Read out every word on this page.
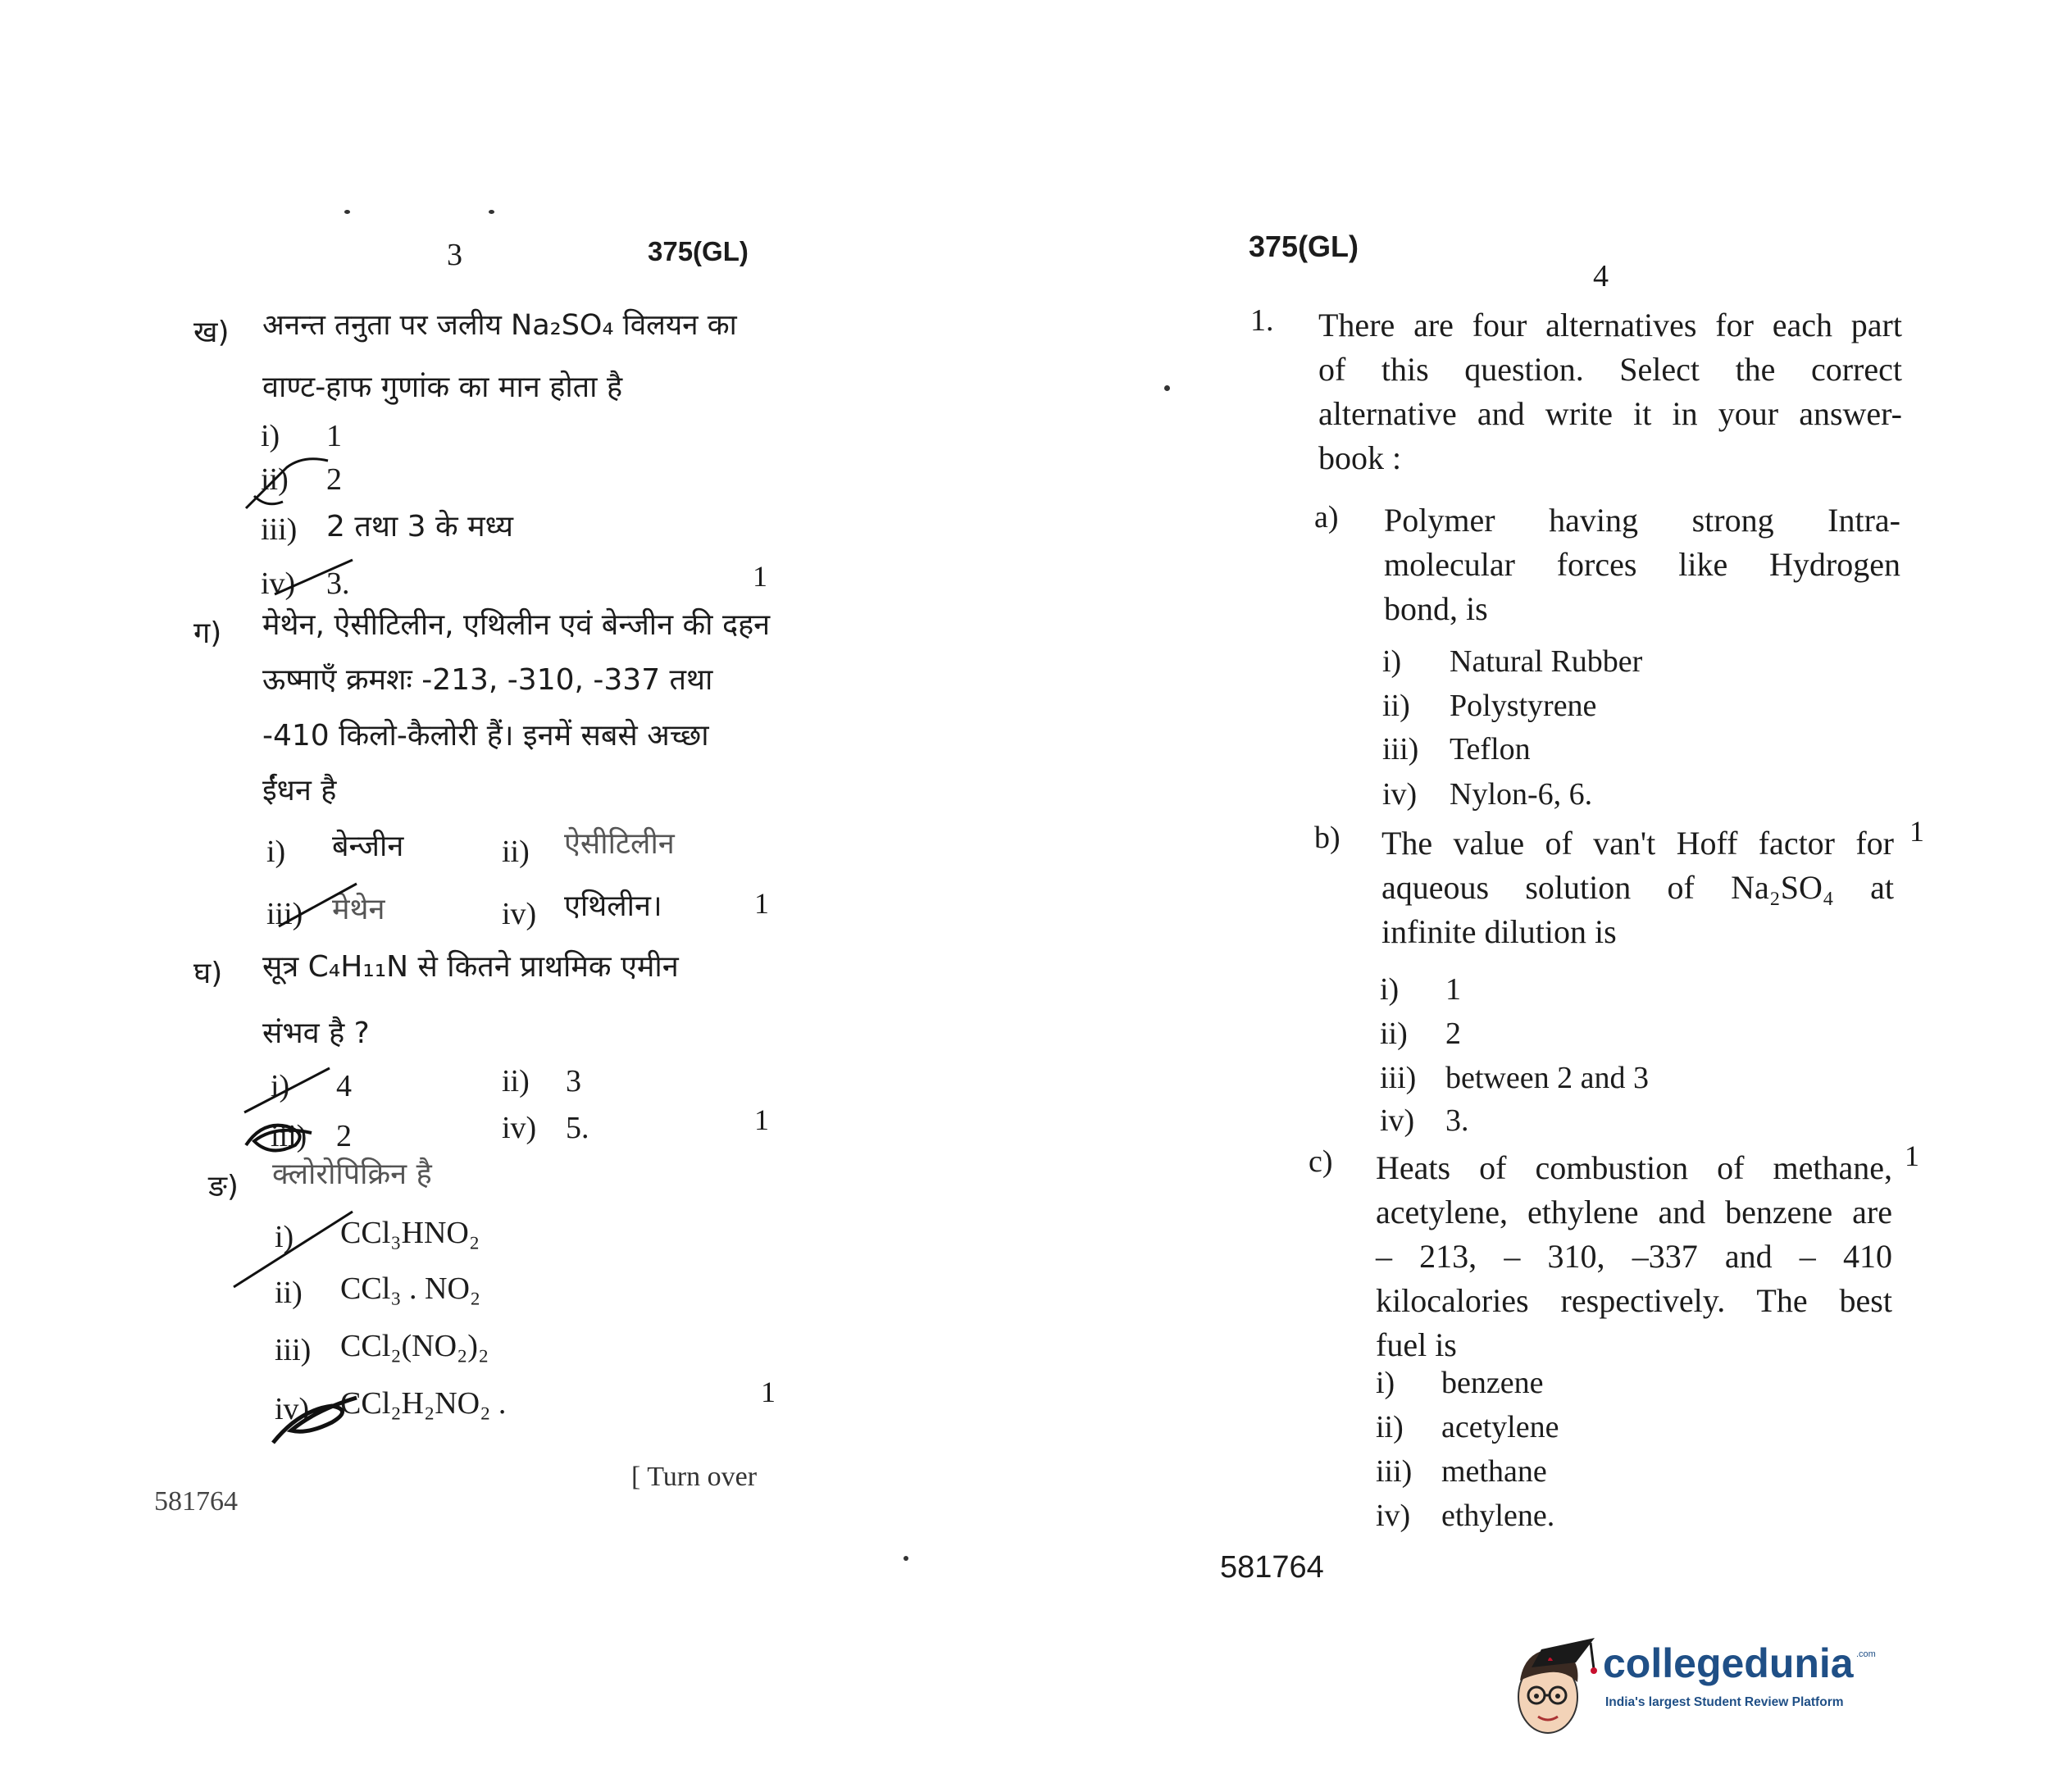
3	375(GL)
ख) अनन्त तनुता पर जलीय Na₂SO₄ विलयन का
वाण्ट-हाफ गुणांक का मान होता है
i) 1
ii) 2
iii) 2 तथा 3 के मध्य
iv) 3.	1
ग) मेथेन, ऐसीटिलीन, एथिलीन एवं बेन्जीन की दहन
ऊष्माएँ क्रमशः -213, -310, -337 तथा
-410 किलो-कैलोरी हैं। इनमें सबसे अच्छा
ईंधन है
i) बेन्जीन	ii) ऐसीटिलीन
iii) मेथेन	iv) एथिलीन।	1
घ) सूत्र C₄H₁₁N से कितने प्राथमिक एमीन
संभव है ?
i) 4	ii) 3
iii) 2	iv) 5.	1
ङ) क्लोरोपिक्रिन है
i) CCl₃HNO₂
ii) CCl₃ . NO₂
iii) CCl₂(NO₂)₂
iv) CCl₂H₂NO₂ .	1
[ Turn over
581764
375(GL)
4
1. There are four alternatives for each part
of this question. Select the correct
alternative and write it in your answer-
book :
a) Polymer having strong Intra-
molecular forces like Hydrogen
bond, is
i) Natural Rubber
ii) Polystyrene
iii) Teflon
iv) Nylon-6, 6.
1
b) The value of van't Hoff factor for
aqueous solution of Na₂SO₄ at
infinite dilution is
i) 1
ii) 2
iii) between 2 and 3
iv) 3.
1
c) Heats of combustion of methane,
acetylene, ethylene and benzene are
– 213, – 310, –337 and – 410
kilocalories respectively. The best
fuel is
i) benzene
ii) acetylene
iii) methane
iv) ethylene.
581764
collegedunia .com
India's largest Student Review Platform
